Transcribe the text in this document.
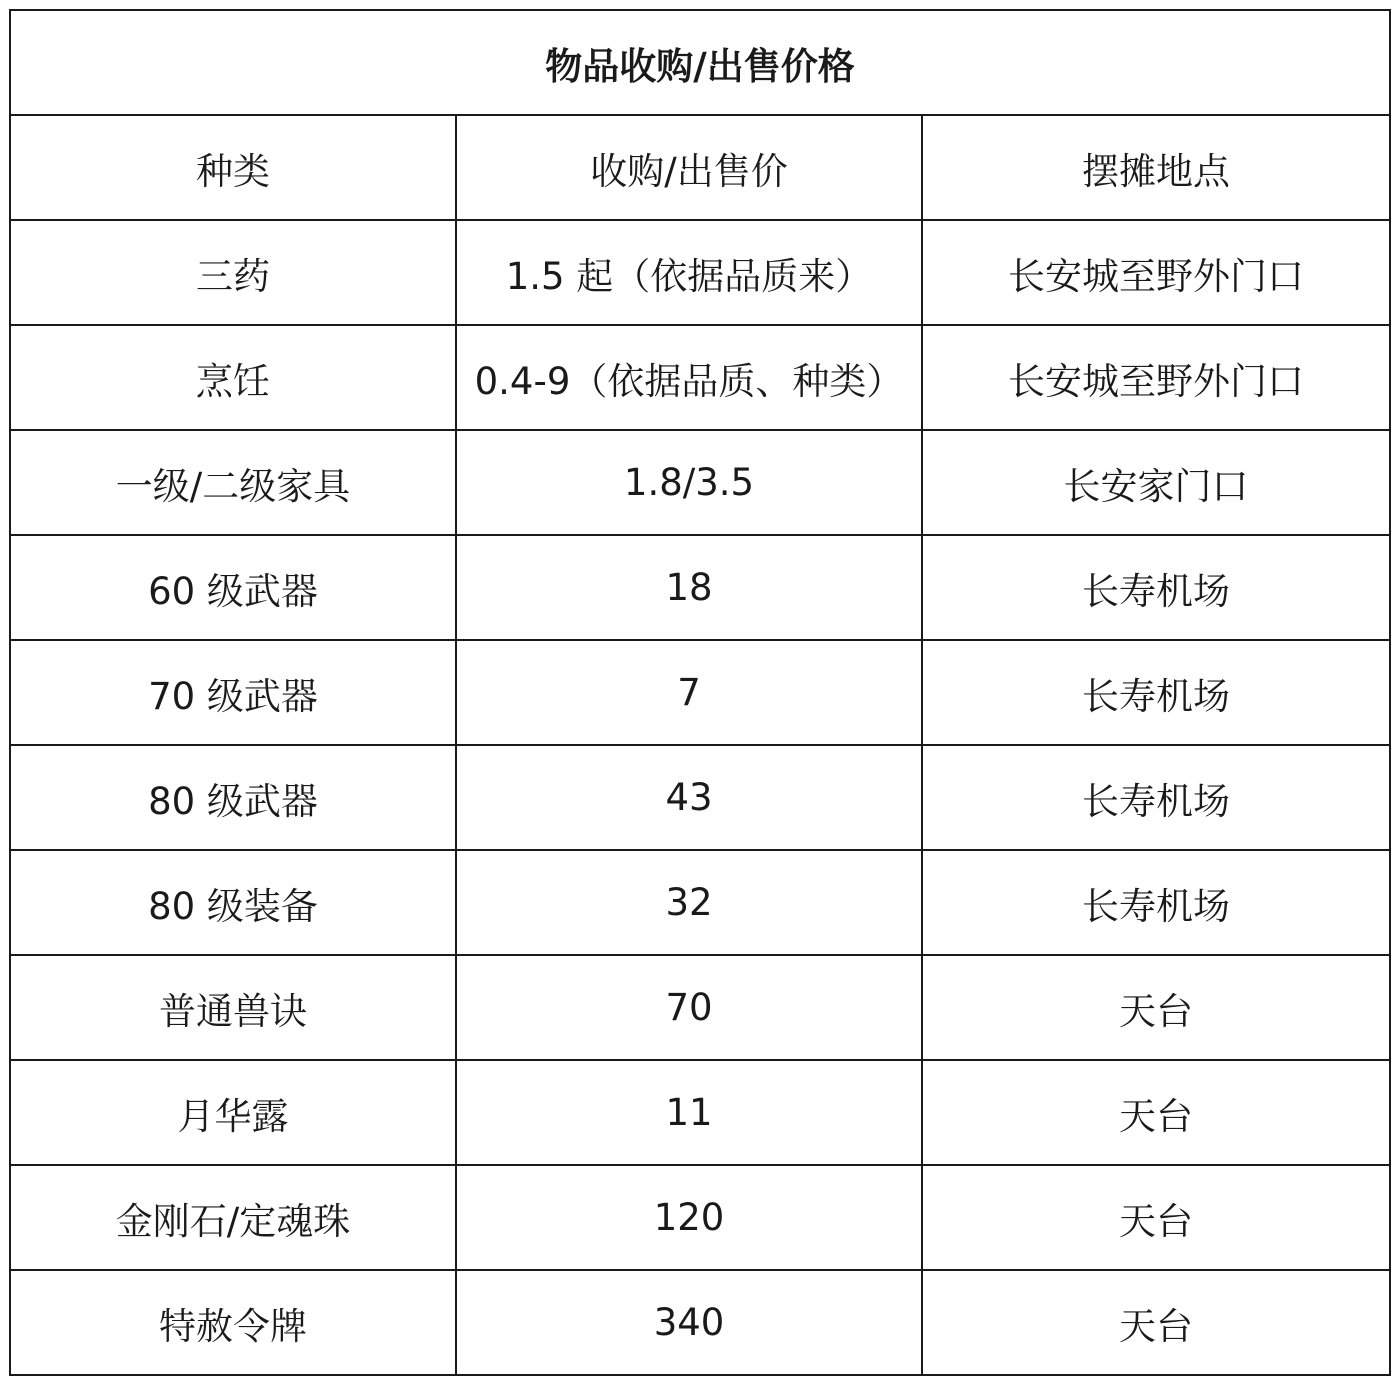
物品收购/出售价格		
种类	收购/出售价	摆摊地点
三药	1.5 起（依据品质来）	长安城至野外门口
烹饪	0.4-9（依据品质、种类）	长安城至野外门口
一级/二级家具	1.8/3.5	长安家门口
60 级武器	18	长寿机场
70 级武器	7	长寿机场
80 级武器	43	长寿机场
80 级装备	32	长寿机场
普通兽诀	70	天台
月华露	11	天台
金刚石/定魂珠	120	天台
特赦令牌	340	天台
